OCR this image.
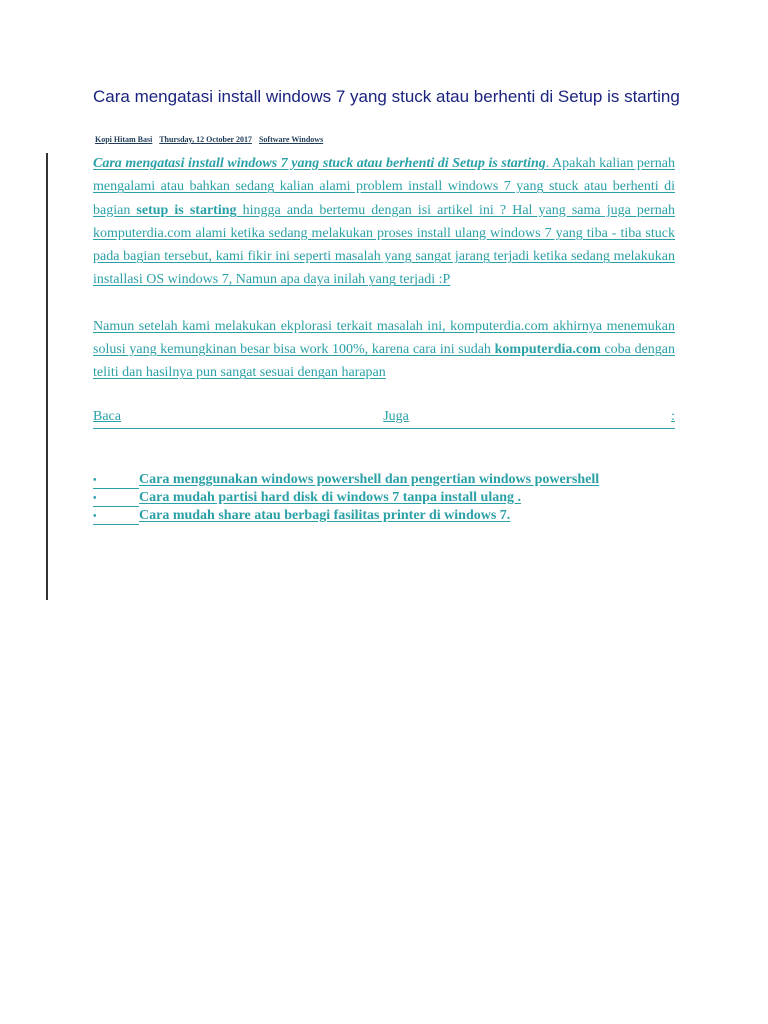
Cara mengatasi install windows 7 yang stuck atau berhenti di Setup is starting
Kopi Hitam Basi Thursday, 12 October 2017 Software Windows

Cara mengatasi install windows 7 yang stuck atau berhenti di Setup is starting. Apakah kalian pernah mengalami atau bahkan sedang kalian alami problem install windows 7 yang stuck atau berhenti di bagian setup is starting hingga anda bertemu dengan isi artikel ini ? Hal yang sama juga pernah komputerdia.com alami ketika sedang melakukan proses install ulang windows 7 yang tiba - tiba stuck pada bagian tersebut, kami fikir ini seperti masalah yang sangat jarang terjadi ketika sedang melakukan installasi OS windows 7, Namun apa daya inilah yang terjadi :P

Namun setelah kami melakukan ekplorasi terkait masalah ini, komputerdia.com akhirnya menemukan solusi yang kemungkinan besar bisa work 100%, karena cara ini sudah komputerdia.com coba dengan teliti dan hasilnya pun sangat sesuai dengan harapan

Baca	Juga	:
•	Cara menggunakan windows powershell dan pengertian windows powershell
•	Cara mudah partisi hard disk di windows 7 tanpa install ulang .
•	Cara mudah share atau berbagi fasilitas printer di windows 7.
